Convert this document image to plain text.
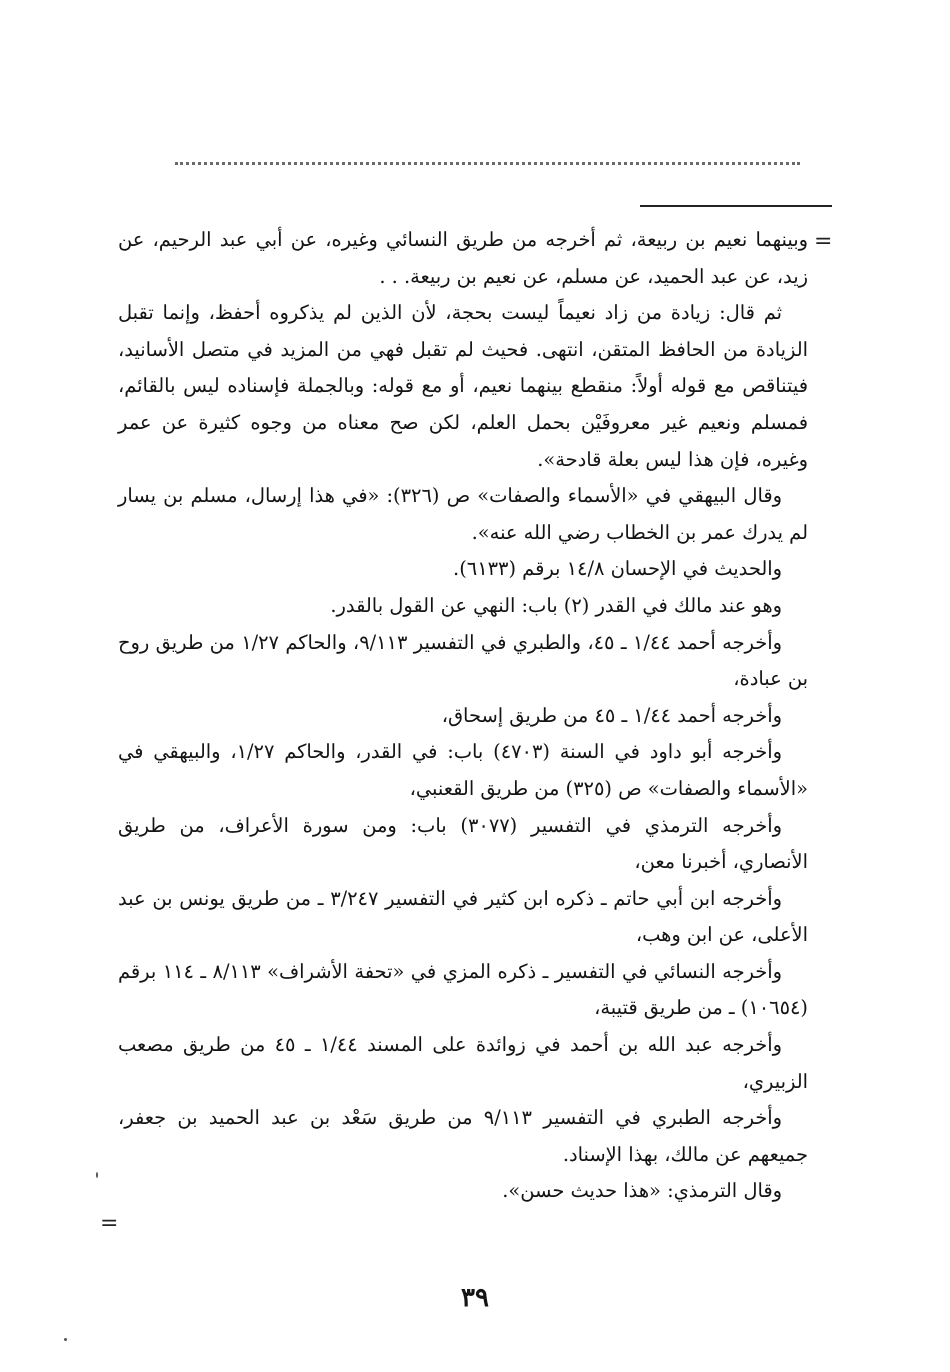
=

وبينهما نعيم بن ربيعة، ثم أخرجه من طريق النسائي وغيره، عن أبي عبد الرحيم، عن زيد، عن عبد الحميد، عن مسلم، عن نعيم بن ربيعة. . .

ثم قال: زيادة من زاد نعيماً ليست بحجة، لأن الذين لم يذكروه أحفظ، وإنما تقبل الزيادة من الحافظ المتقن، انتهى. فحيث لم تقبل فهي من المزيد في متصل الأسانيد، فيتناقص مع قوله أولاً: منقطع بينهما نعيم، أو مع قوله: وبالجملة فإسناده ليس بالقائم، فمسلم ونعيم غير معروفَيْن بحمل العلم، لكن صح معناه من وجوه كثيرة عن عمر وغيره، فإن هذا ليس بعلة قادحة».

وقال البيهقي في «الأسماء والصفات» ص (٣٢٦): «في هذا إرسال، مسلم بن يسار لم يدرك عمر بن الخطاب رضي الله عنه».

والحديث في الإحسان ١٤/٨ برقم (٦١٣٣).

وهو عند مالك في القدر (٢) باب: النهي عن القول بالقدر.

وأخرجه أحمد ١/٤٤ ـ ٤٥، والطبري في التفسير ٩/١١٣، والحاكم ١/٢٧ من طريق روح بن عبادة،

وأخرجه أحمد ١/٤٤ ـ ٤٥ من طريق إسحاق،

وأخرجه أبو داود في السنة (٤٧٠٣) باب: في القدر، والحاكم ١/٢٧، والبيهقي في «الأسماء والصفات» ص (٣٢٥) من طريق القعنبي،

وأخرجه الترمذي في التفسير (٣٠٧٧) باب: ومن سورة الأعراف، من طريق الأنصاري، أخبرنا معن،

وأخرجه ابن أبي حاتم ـ ذكره ابن كثير في التفسير ٣/٢٤٧ ـ من طريق يونس بن عبد الأعلى، عن ابن وهب،

وأخرجه النسائي في التفسير ـ ذكره المزي في «تحفة الأشراف» ٨/١١٣ ـ ١١٤ برقم (١٠٦٥٤) ـ من طريق قتيبة،

وأخرجه عبد الله بن أحمد في زوائدة على المسند ١/٤٤ ـ ٤٥ من طريق مصعب الزبيري،

وأخرجه الطبري في التفسير ٩/١١٣ من طريق سَعْد بن عبد الحميد بن جعفر، جميعهم عن مالك، بهذا الإسناد.

وقال الترمذي: «هذا حديث حسن».

=
٣٩
